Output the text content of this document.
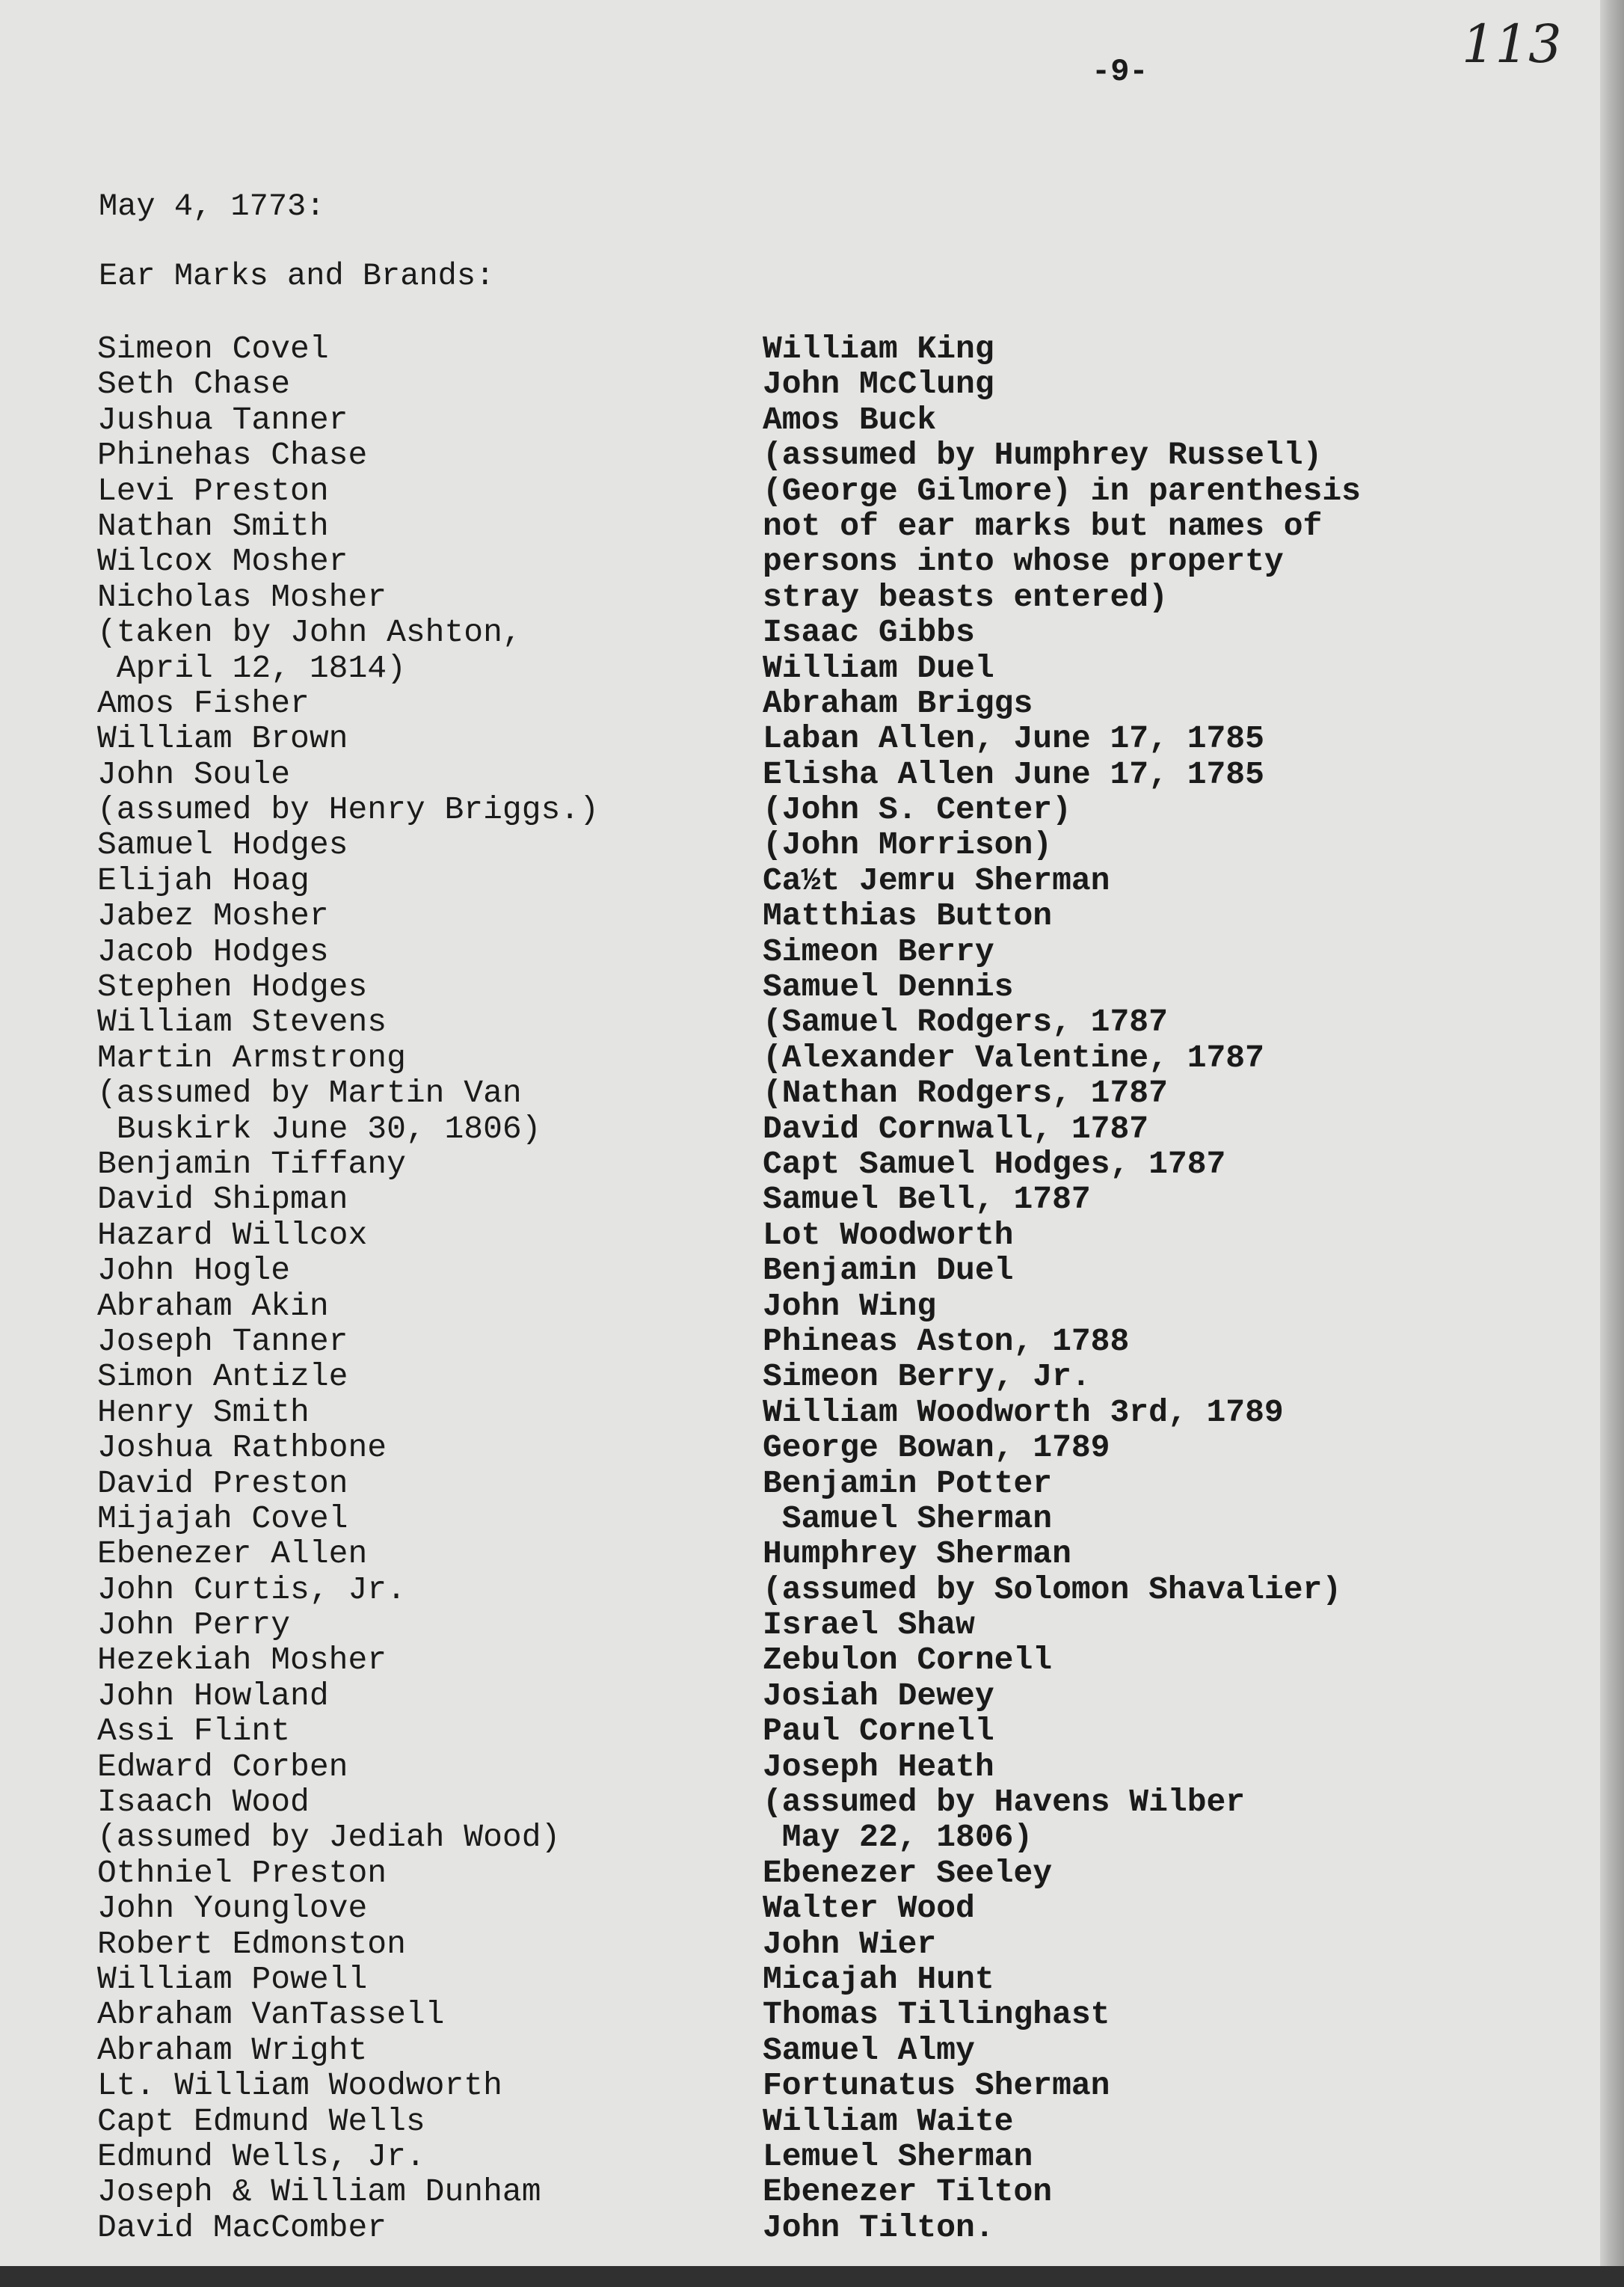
-9-	113
May 4, 1773:
Ear Marks and Brands:
Simeon Covel
Seth Chase
Jushua Tanner
Phinehas Chase
Levi Preston
Nathan Smith
Wilcox Mosher
Nicholas Mosher
(taken by John Ashton,
April 12, 1814)
Amos Fisher
William Brown
John Soule
(assumed by Henry Briggs.)
Samuel Hodges
Elijah Hoag
Jabez Mosher
Jacob Hodges
Stephen Hodges
William Stevens
Martin Armstrong
(assumed by Martin Van
Buskirk June 30, 1806)
Benjamin Tiffany
David Shipman
Hazard Willcox
John Hogle
Abraham Akin
Joseph Tanner
Simon Antizle
Henry Smith
Joshua Rathbone
David Preston
Mijajah Covel
Ebenezer Allen
John Curtis, Jr.
John Perry
Hezekiah Mosher
John Howland
Assi Flint
Edward Corben
Isaach Wood
(assumed by Jediah Wood)
Othniel Preston
John Younglove
Robert Edmonston
William Powell
Abraham VanTassell
Abraham Wright
Lt. William Woodworth
Capt Edmund Wells
Edmund Wells, Jr.
Joseph & William Dunham
David MacComber
William King
John McClung
Amos Buck
(assumed by Humphrey Russell)
(George Gilmore) in parenthesis
not of ear marks but names of
persons into whose property
stray beasts entered)
Isaac Gibbs
William Duel
Abraham Briggs
Laban Allen, June 17, 1785
Elisha Allen June 17, 1785
(John S. Center)
(John Morrison)
Ca½t Jemru Sherman
Matthias Button
Simeon Berry
Samuel Dennis
(Samuel Rodgers, 1787
(Alexander Valentine, 1787
(Nathan Rodgers, 1787
David Cornwall, 1787
Capt Samuel Hodges, 1787
Samuel Bell, 1787
Lot Woodworth
Benjamin Duel
John Wing
Phineas Aston, 1788
Simeon Berry, Jr.
William Woodworth 3rd, 1789
George Bowan, 1789
Benjamin Potter
Samuel Sherman
Humphrey Sherman
(assumed by Solomon Shavalier)
Israel Shaw
Zebulon Cornell
Josiah Dewey
Paul Cornell
Joseph Heath
(assumed by Havens Wilber
May 22, 1806)
Ebenezer Seeley
Walter Wood
John Wier
Micajah Hunt
Thomas Tillinghast
Samuel Almy
Fortunatus Sherman
William Waite
Lemuel Sherman
Ebenezer Tilton
John Tilton.
